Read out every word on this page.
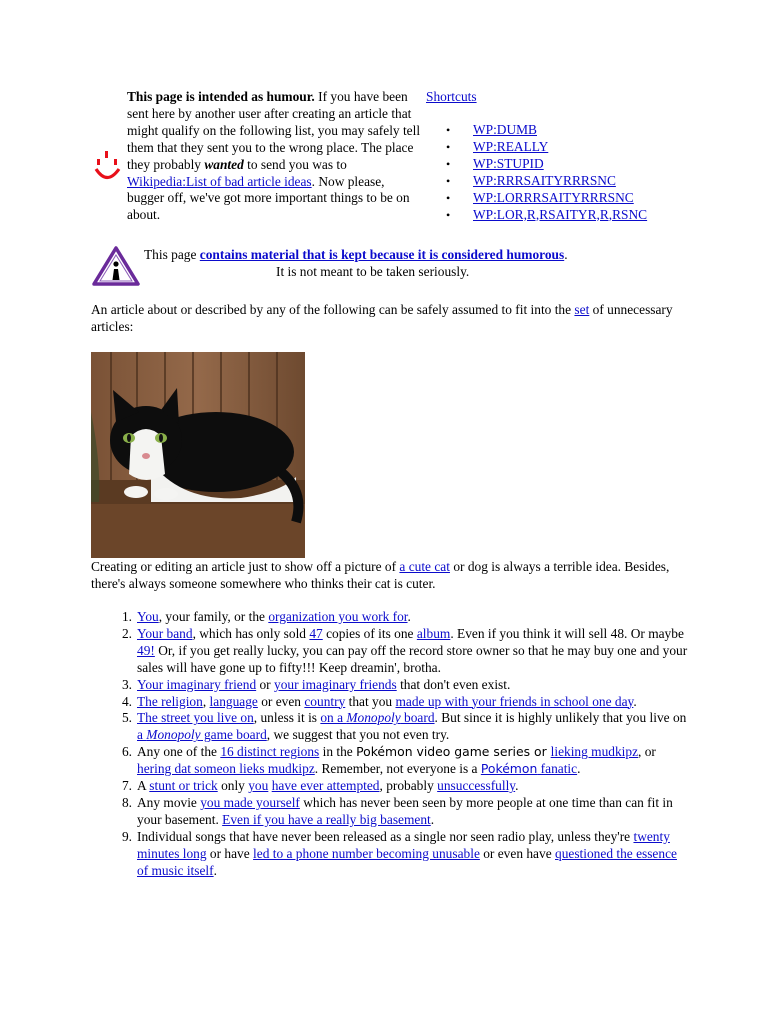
This page is intended as humour. If you have been sent here by another user after creating an article that might qualify on the following list, you may safely tell them that they sent you to the wrong place. The place they probably wanted to send you was to Wikipedia:List of bad article ideas. Now please, bugger off, we've got more important things to be on about.
Shortcuts
• WP:DUMB
• WP:REALLY
• WP:STUPID
• WP:RRRSAITYRRRSNC
• WP:LORRRSAITYRRRSNC
• WP:LOR,R,RSAITYR,R,RSNC
This page contains material that is kept because it is considered humorous.
It is not meant to be taken seriously.
An article about or described by any of the following can be safely assumed to fit into the set of unnecessary articles:
Creating or editing an article just to show off a picture of a cute cat or dog is always a terrible idea. Besides, there's always someone somewhere who thinks their cat is cuter.
1. You, your family, or the organization you work for.
2. Your band, which has only sold 47 copies of its one album. Even if you think it will sell 48. Or maybe 49! Or, if you get really lucky, you can pay off the record store owner so that he may buy one and your sales will have gone up to fifty!!! Keep dreamin', brotha.
3. Your imaginary friend or your imaginary friends that don't even exist.
4. The religion, language or even country that you made up with your friends in school one day.
5. The street you live on, unless it is on a Monopoly board. But since it is highly unlikely that you live on a Monopoly game board, we suggest that you not even try.
6. Any one of the 16 distinct regions in the Pokémon video game series or lieking mudkipz, or hering dat someon lieks mudkipz. Remember, not everyone is a Pokémon fanatic.
7. A stunt or trick only you have ever attempted, probably unsuccessfully.
8. Any movie you made yourself which has never been seen by more people at one time than can fit in your basement. Even if you have a really big basement.
9. Individual songs that have never been released as a single nor seen radio play, unless they're twenty minutes long or have led to a phone number becoming unusable or even have questioned the essence of music itself.
